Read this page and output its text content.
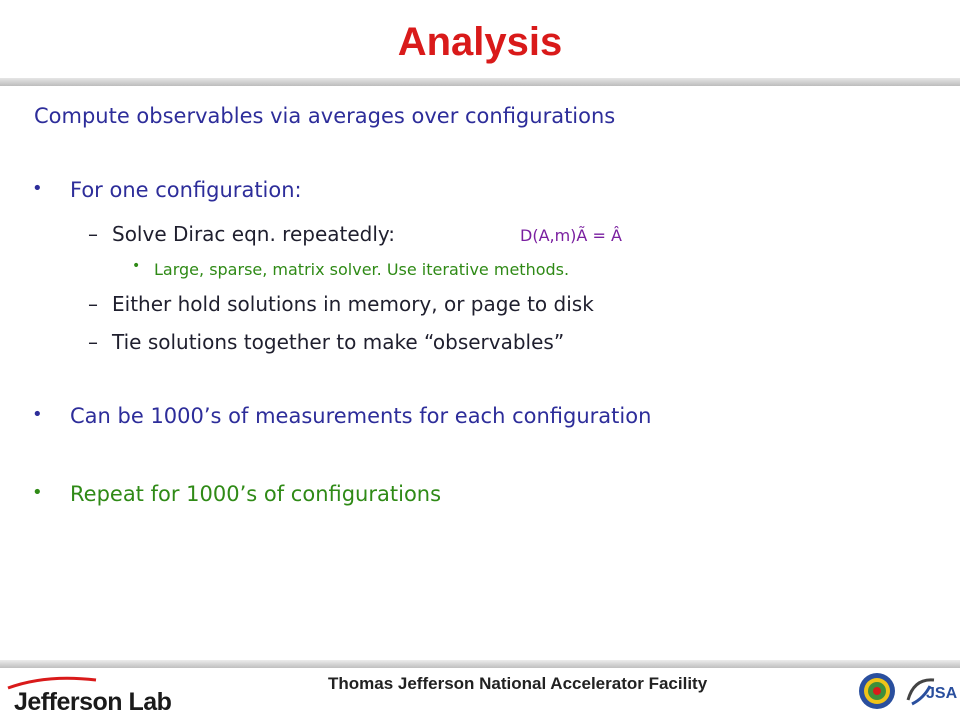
Analysis
Compute observables via averages over configurations
• For one configuration:
– Solve Dirac eqn. repeatedly:	D(A,m)Ã = Â
• Large, sparse, matrix solver. Use iterative methods.
– Either hold solutions in memory, or page to disk
– Tie solutions together to make “observables”
• Can be 1000’s of measurements for each configuration
• Repeat for 1000’s of configurations
Jefferson Lab
Thomas Jefferson National Accelerator Facility
JSA
